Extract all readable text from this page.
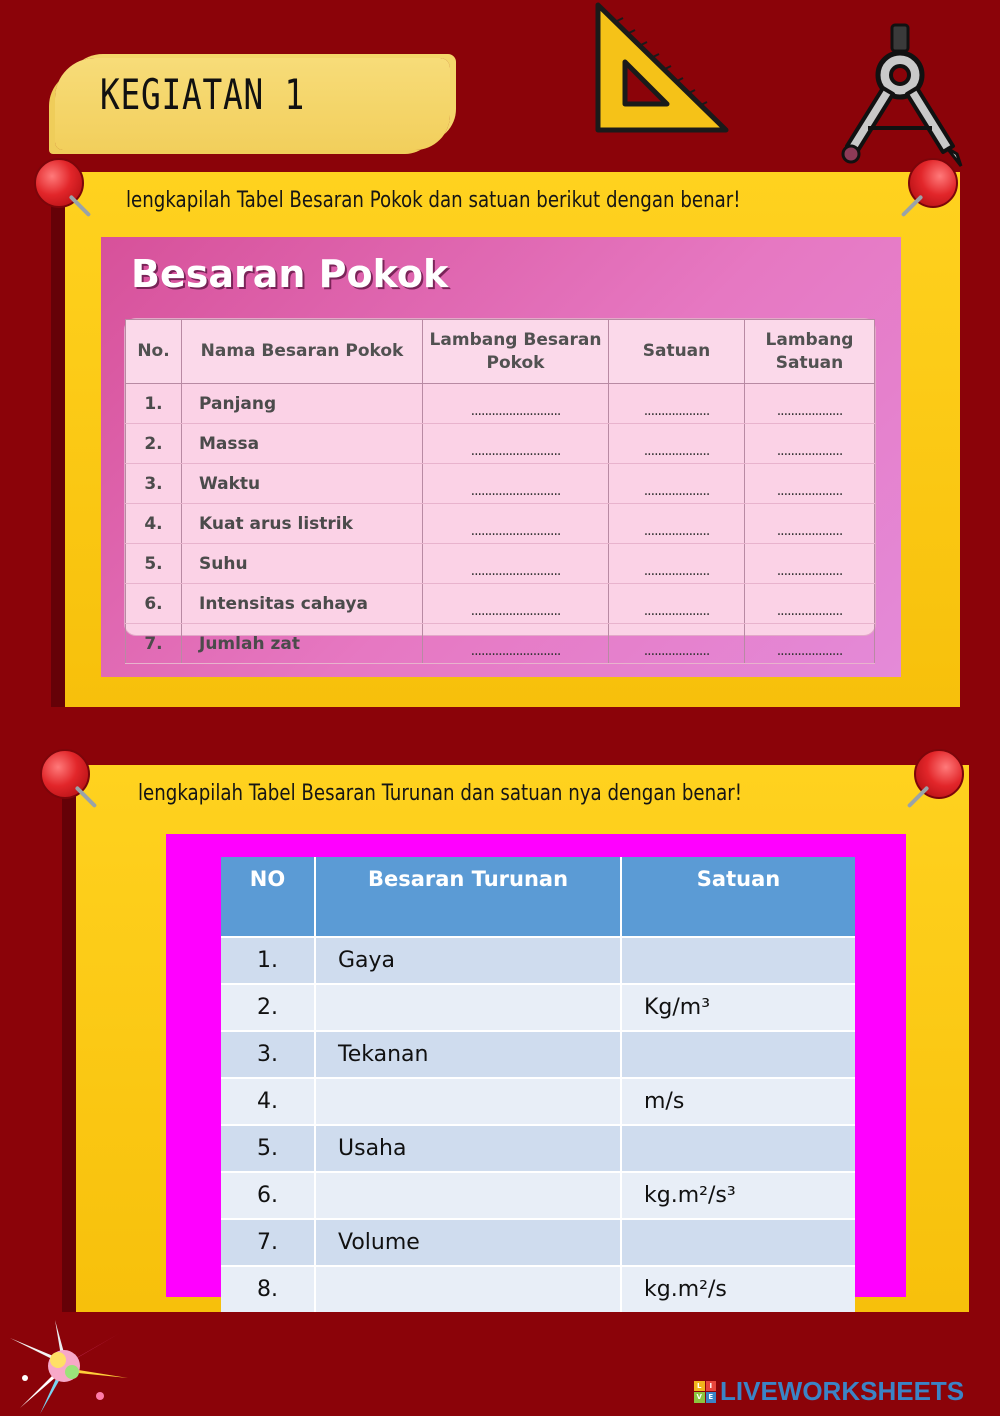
KEGIATAN 1
lengkapilah Tabel Besaran Pokok dan satuan berikut dengan benar!
Besaran Pokok
No.	Nama Besaran Pokok	Lambang Besaran Pokok	Satuan	Lambang Satuan
1.	Panjang	..........................	...................	...................
2.	Massa	..........................	...................	...................
3.	Waktu	..........................	...................	...................
4.	Kuat arus listrik	..........................	...................	...................
5.	Suhu	..........................	...................	...................
6.	Intensitas cahaya	..........................	...................	...................
7.	Jumlah zat	..........................	...................	...................
lengkapilah Tabel Besaran Turunan dan satuan nya dengan benar!
NO	Besaran Turunan	Satuan
1.	Gaya	
2.		Kg/m³
3.	Tekanan	
4.		m/s
5.	Usaha	
6.		kg.m²/s³
7.	Volume	
8.		kg.m²/s
L	I
V E LIVEWORKSHEETS
